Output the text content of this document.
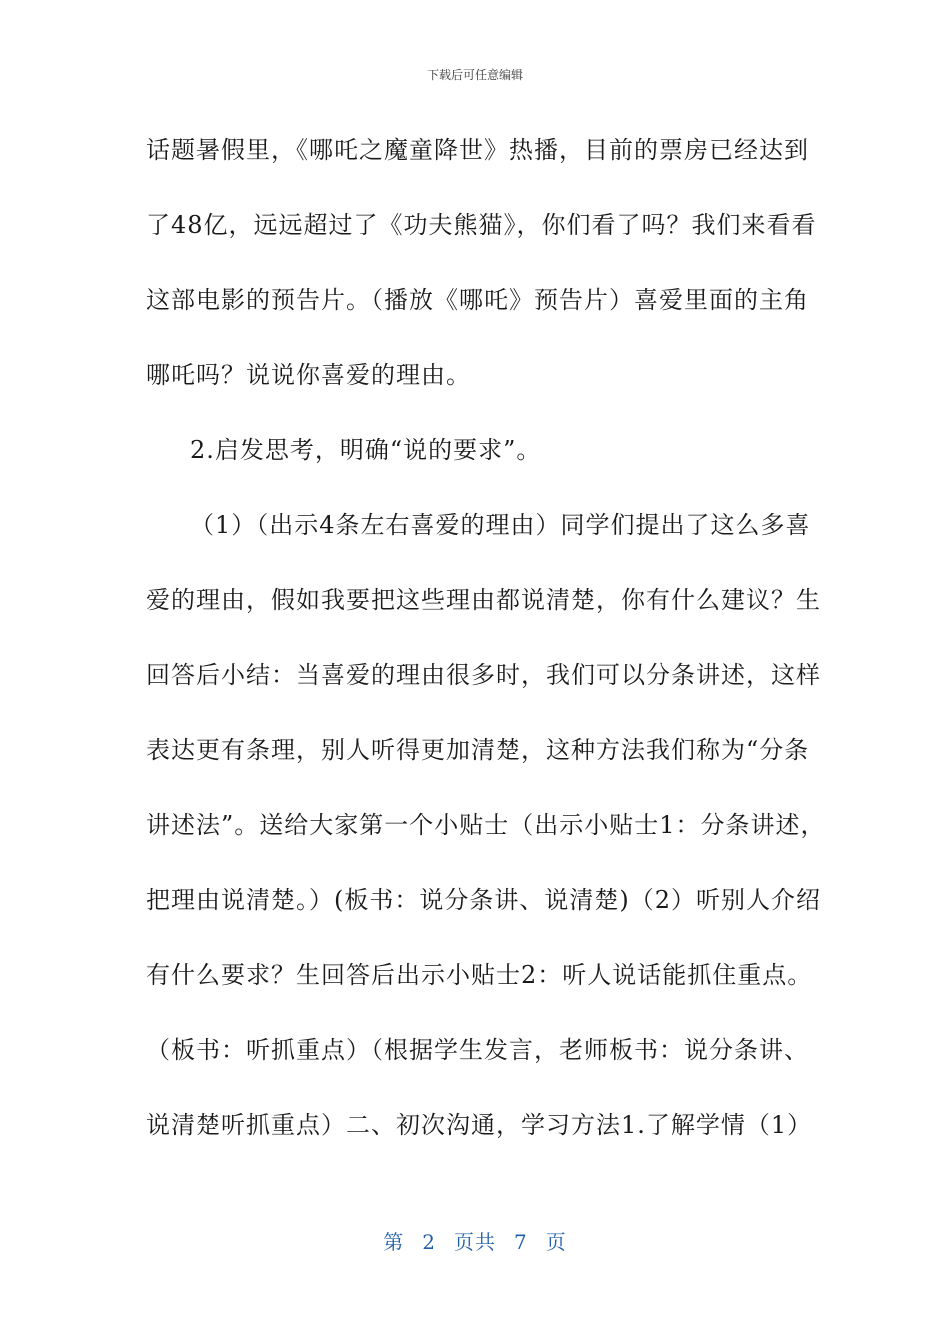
下载后可任意编辑
话题暑假里，《哪吒之魔童降世》热播，目前的票房已经达到
了48亿，远远超过了《功夫熊猫》，你们看了吗？我们来看看
这部电影的预告片。（播放《哪吒》预告片）喜爱里面的主角
哪吒吗？说说你喜爱的理由。
2.启发思考，明确“说的要求”。
（1）（出示4条左右喜爱的理由）同学们提出了这么多喜
爱的理由，假如我要把这些理由都说清楚，你有什么建议？生
回答后小结：当喜爱的理由很多时，我们可以分条讲述，这样
表达更有条理，别人听得更加清楚，这种方法我们称为“分条
讲述法”。送给大家第一个小贴士（出示小贴士1：分条讲述，
把理由说清楚。）(板书：说分条讲、说清楚)（2）听别人介绍
有什么要求？生回答后出示小贴士2：听人说话能抓住重点。
（板书：听抓重点）（根据学生发言，老师板书：说分条讲、
说清楚听抓重点）二、初次沟通，学习方法1.了解学情（1）
第 2 页共 7 页
